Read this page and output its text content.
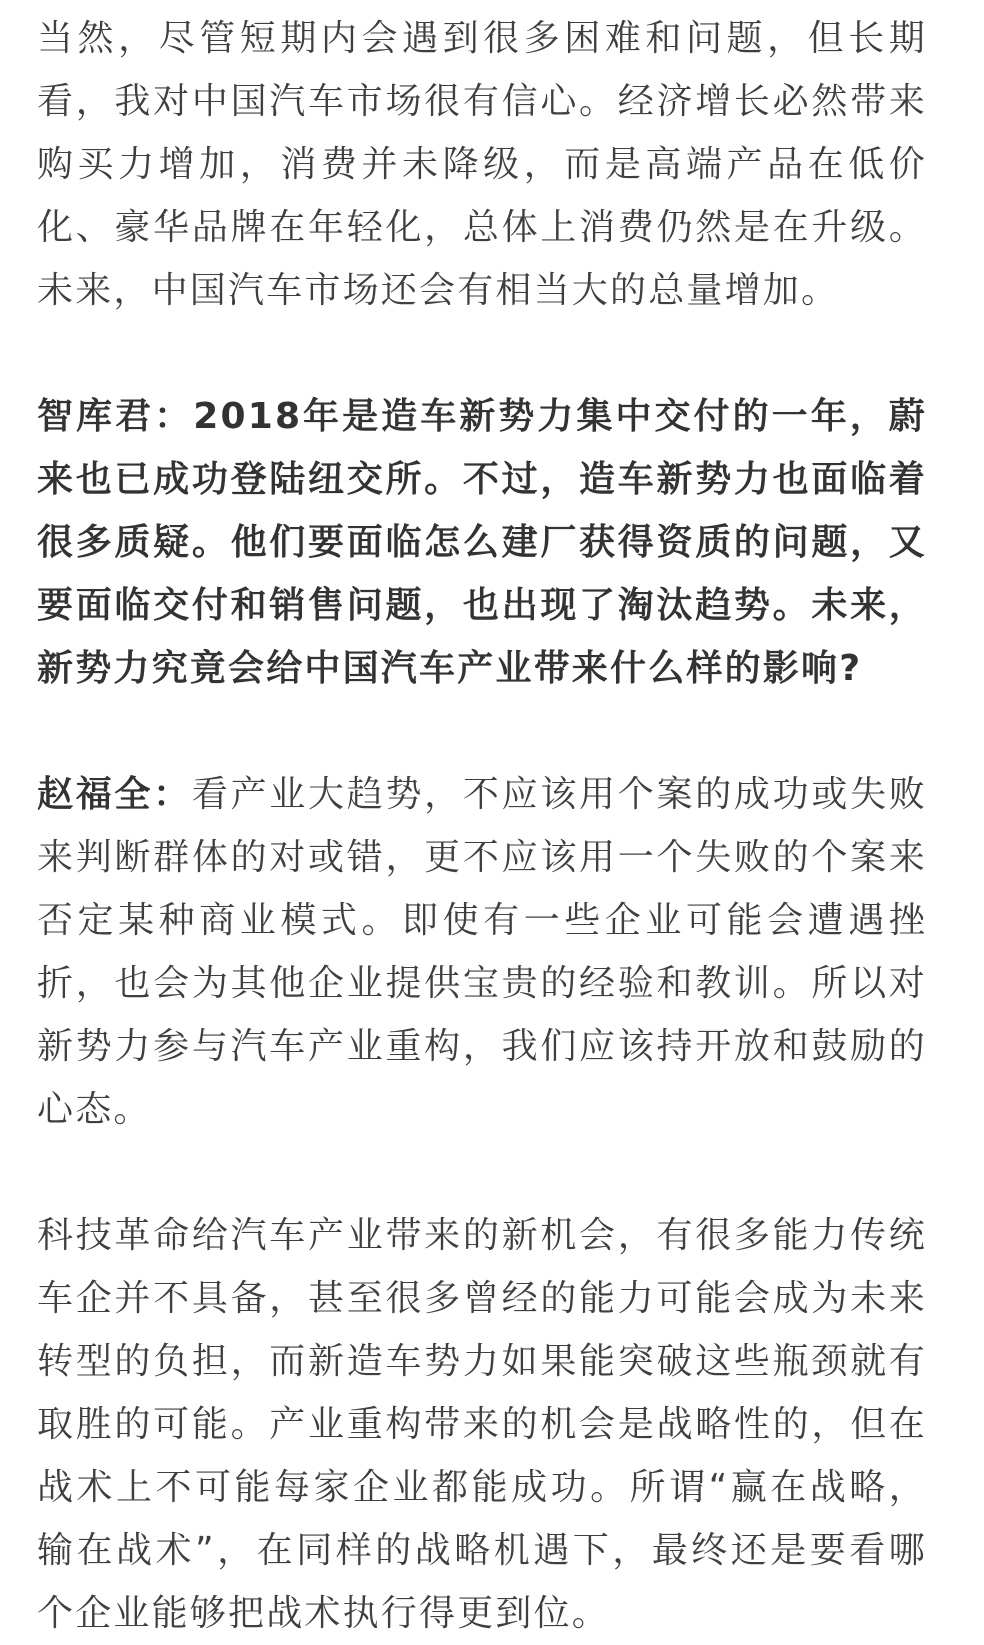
当然，尽管短期内会遇到很多困难和问题，但长期看，我对中国汽车市场很有信心。经济增长必然带来购买力增加，消费并未降级，而是高端产品在低价化、豪华品牌在年轻化，总体上消费仍然是在升级。未来，中国汽车市场还会有相当大的总量增加。

智库君：2018年是造车新势力集中交付的一年，蔚来也已成功登陆纽交所。不过，造车新势力也面临着很多质疑。他们要面临怎么建厂获得资质的问题，又要面临交付和销售问题，也出现了淘汰趋势。未来，新势力究竟会给中国汽车产业带来什么样的影响?

赵福全：看产业大趋势，不应该用个案的成功或失败来判断群体的对或错，更不应该用一个失败的个案来否定某种商业模式。即使有一些企业可能会遭遇挫折，也会为其他企业提供宝贵的经验和教训。所以对新势力参与汽车产业重构，我们应该持开放和鼓励的心态。

科技革命给汽车产业带来的新机会，有很多能力传统车企并不具备，甚至很多曾经的能力可能会成为未来转型的负担，而新造车势力如果能突破这些瓶颈就有取胜的可能。产业重构带来的机会是战略性的，但在战术上不可能每家企业都能成功。所谓“赢在战略，输在战术”，在同样的战略机遇下，最终还是要看哪个企业能够把战术执行得更到位。
